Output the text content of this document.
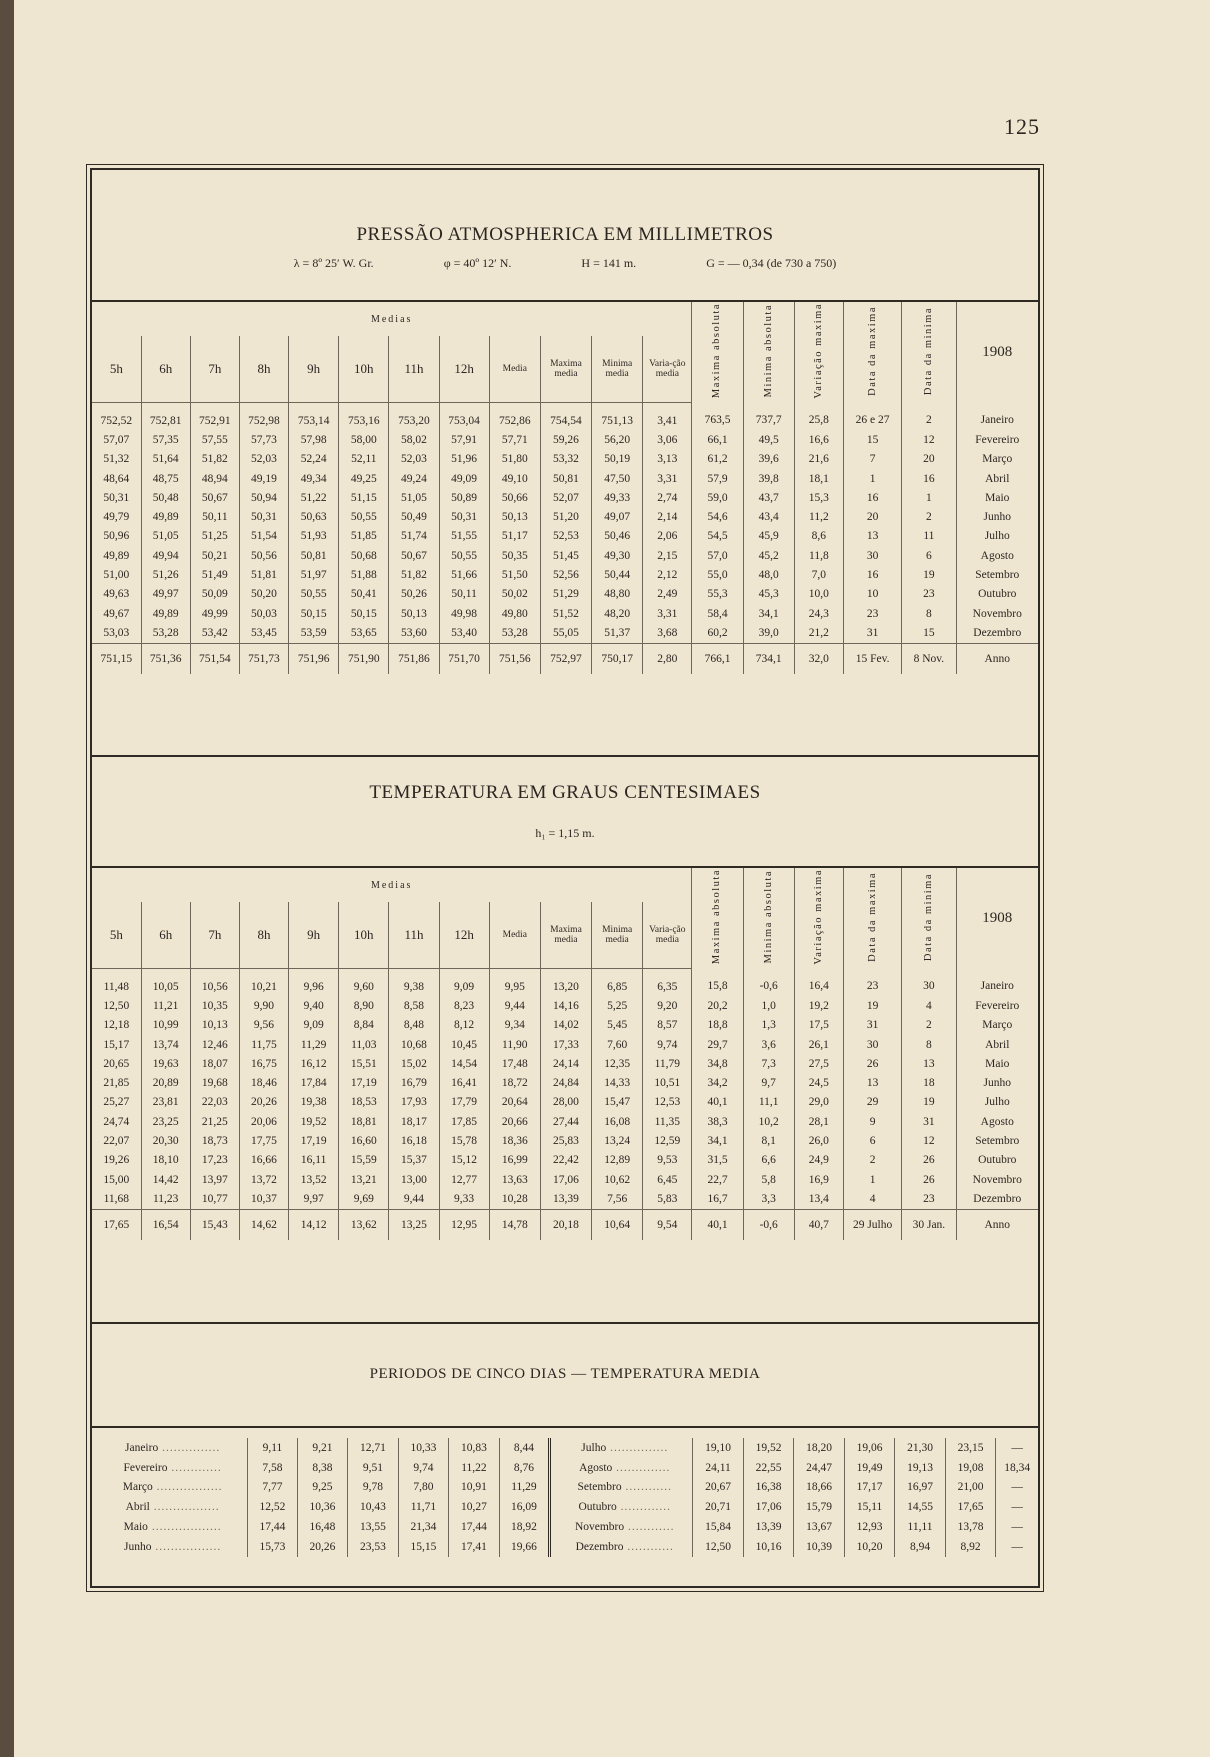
125
PRESSÃO ATMOSPHERICA EM MILLIMETROS
λ = 8º 25′ W. Gr.	φ = 40º 12′ N.	H = 141 m.	G = — 0,34 (de 730 a 750)
Medias												Maxima absoluta	Minima absoluta	Variação maxima	Data da maxima	Data da minima	1908
5h	6h	7h	8h	9h	10h	11h	12h	Media	Maxima media	Minima media	Varia-ção media						
752,52	752,81	752,91	752,98	753,14	753,16	753,20	753,04	752,86	754,54	751,13	3,41	763,5	737,7	25,8	26 e 27	2	Janeiro
57,07	57,35	57,55	57,73	57,98	58,00	58,02	57,91	57,71	59,26	56,20	3,06	66,1	49,5	16,6	15	12	Fevereiro
51,32	51,64	51,82	52,03	52,24	52,11	52,03	51,96	51,80	53,32	50,19	3,13	61,2	39,6	21,6	7	20	Março
48,64	48,75	48,94	49,19	49,34	49,25	49,24	49,09	49,10	50,81	47,50	3,31	57,9	39,8	18,1	1	16	Abril
50,31	50,48	50,67	50,94	51,22	51,15	51,05	50,89	50,66	52,07	49,33	2,74	59,0	43,7	15,3	16	1	Maio
49,79	49,89	50,11	50,31	50,63	50,55	50,49	50,31	50,13	51,20	49,07	2,14	54,6	43,4	11,2	20	2	Junho
50,96	51,05	51,25	51,54	51,93	51,85	51,74	51,55	51,17	52,53	50,46	2,06	54,5	45,9	8,6	13	11	Julho
49,89	49,94	50,21	50,56	50,81	50,68	50,67	50,55	50,35	51,45	49,30	2,15	57,0	45,2	11,8	30	6	Agosto
51,00	51,26	51,49	51,81	51,97	51,88	51,82	51,66	51,50	52,56	50,44	2,12	55,0	48,0	7,0	16	19	Setembro
49,63	49,97	50,09	50,20	50,55	50,41	50,26	50,11	50,02	51,29	48,80	2,49	55,3	45,3	10,0	10	23	Outubro
49,67	49,89	49,99	50,03	50,15	50,15	50,13	49,98	49,80	51,52	48,20	3,31	58,4	34,1	24,3	23	8	Novembro
53,03	53,28	53,42	53,45	53,59	53,65	53,60	53,40	53,28	55,05	51,37	3,68	60,2	39,0	21,2	31	15	Dezembro
751,15	751,36	751,54	751,73	751,96	751,90	751,86	751,70	751,56	752,97	750,17	2,80	766,1	734,1	32,0	15 Fev.	8 Nov.	Anno
TEMPERATURA EM GRAUS CENTESIMAES
h₁ = 1,15 m.
Medias												Maxima absoluta	Minima absoluta	Variação maxima	Data da maxima	Data da minima	1908
5h	6h	7h	8h	9h	10h	11h	12h	Media	Maxima media	Minima media	Varia-ção media						
11,48	10,05	10,56	10,21	9,96	9,60	9,38	9,09	9,95	13,20	6,85	6,35	15,8	-0,6	16,4	23	30	Janeiro
12,50	11,21	10,35	9,90	9,40	8,90	8,58	8,23	9,44	14,16	5,25	9,20	20,2	1,0	19,2	19	4	Fevereiro
12,18	10,99	10,13	9,56	9,09	8,84	8,48	8,12	9,34	14,02	5,45	8,57	18,8	1,3	17,5	31	2	Março
15,17	13,74	12,46	11,75	11,29	11,03	10,68	10,45	11,90	17,33	7,60	9,74	29,7	3,6	26,1	30	8	Abril
20,65	19,63	18,07	16,75	16,12	15,51	15,02	14,54	17,48	24,14	12,35	11,79	34,8	7,3	27,5	26	13	Maio
21,85	20,89	19,68	18,46	17,84	17,19	16,79	16,41	18,72	24,84	14,33	10,51	34,2	9,7	24,5	13	18	Junho
25,27	23,81	22,03	20,26	19,38	18,53	17,93	17,79	20,64	28,00	15,47	12,53	40,1	11,1	29,0	29	19	Julho
24,74	23,25	21,25	20,06	19,52	18,81	18,17	17,85	20,66	27,44	16,08	11,35	38,3	10,2	28,1	9	31	Agosto
22,07	20,30	18,73	17,75	17,19	16,60	16,18	15,78	18,36	25,83	13,24	12,59	34,1	8,1	26,0	6	12	Setembro
19,26	18,10	17,23	16,66	16,11	15,59	15,37	15,12	16,99	22,42	12,89	9,53	31,5	6,6	24,9	2	26	Outubro
15,00	14,42	13,97	13,72	13,52	13,21	13,00	12,77	13,63	17,06	10,62	6,45	22,7	5,8	16,9	1	26	Novembro
11,68	11,23	10,77	10,37	9,97	9,69	9,44	9,33	10,28	13,39	7,56	5,83	16,7	3,3	13,4	4	23	Dezembro
17,65	16,54	15,43	14,62	14,12	13,62	13,25	12,95	14,78	20,18	10,64	9,54	40,1	-0,6	40,7	29 Julho	30 Jan.	Anno
PERIODOS DE CINCO DIAS — TEMPERATURA MEDIA
Janeiro ...............	9,11	9,21	12,71	10,33	10,83	8,44	Julho ...............	19,10	19,52	18,20	19,06	21,30	23,15	—
Fevereiro .............	7,58	8,38	9,51	9,74	11,22	8,76	Agosto ..............	24,11	22,55	24,47	19,49	19,13	19,08	18,34
Março .................	7,77	9,25	9,78	7,80	10,91	11,29	Setembro ............	20,67	16,38	18,66	17,17	16,97	21,00	—
Abril .................	12,52	10,36	10,43	11,71	10,27	16,09	Outubro .............	20,71	17,06	15,79	15,11	14,55	17,65	—
Maio ..................	17,44	16,48	13,55	21,34	17,44	18,92	Novembro ............	15,84	13,39	13,67	12,93	11,11	13,78	—
Junho .................	15,73	20,26	23,53	15,15	17,41	19,66	Dezembro ............	12,50	10,16	10,39	10,20	8,94	8,92	—
